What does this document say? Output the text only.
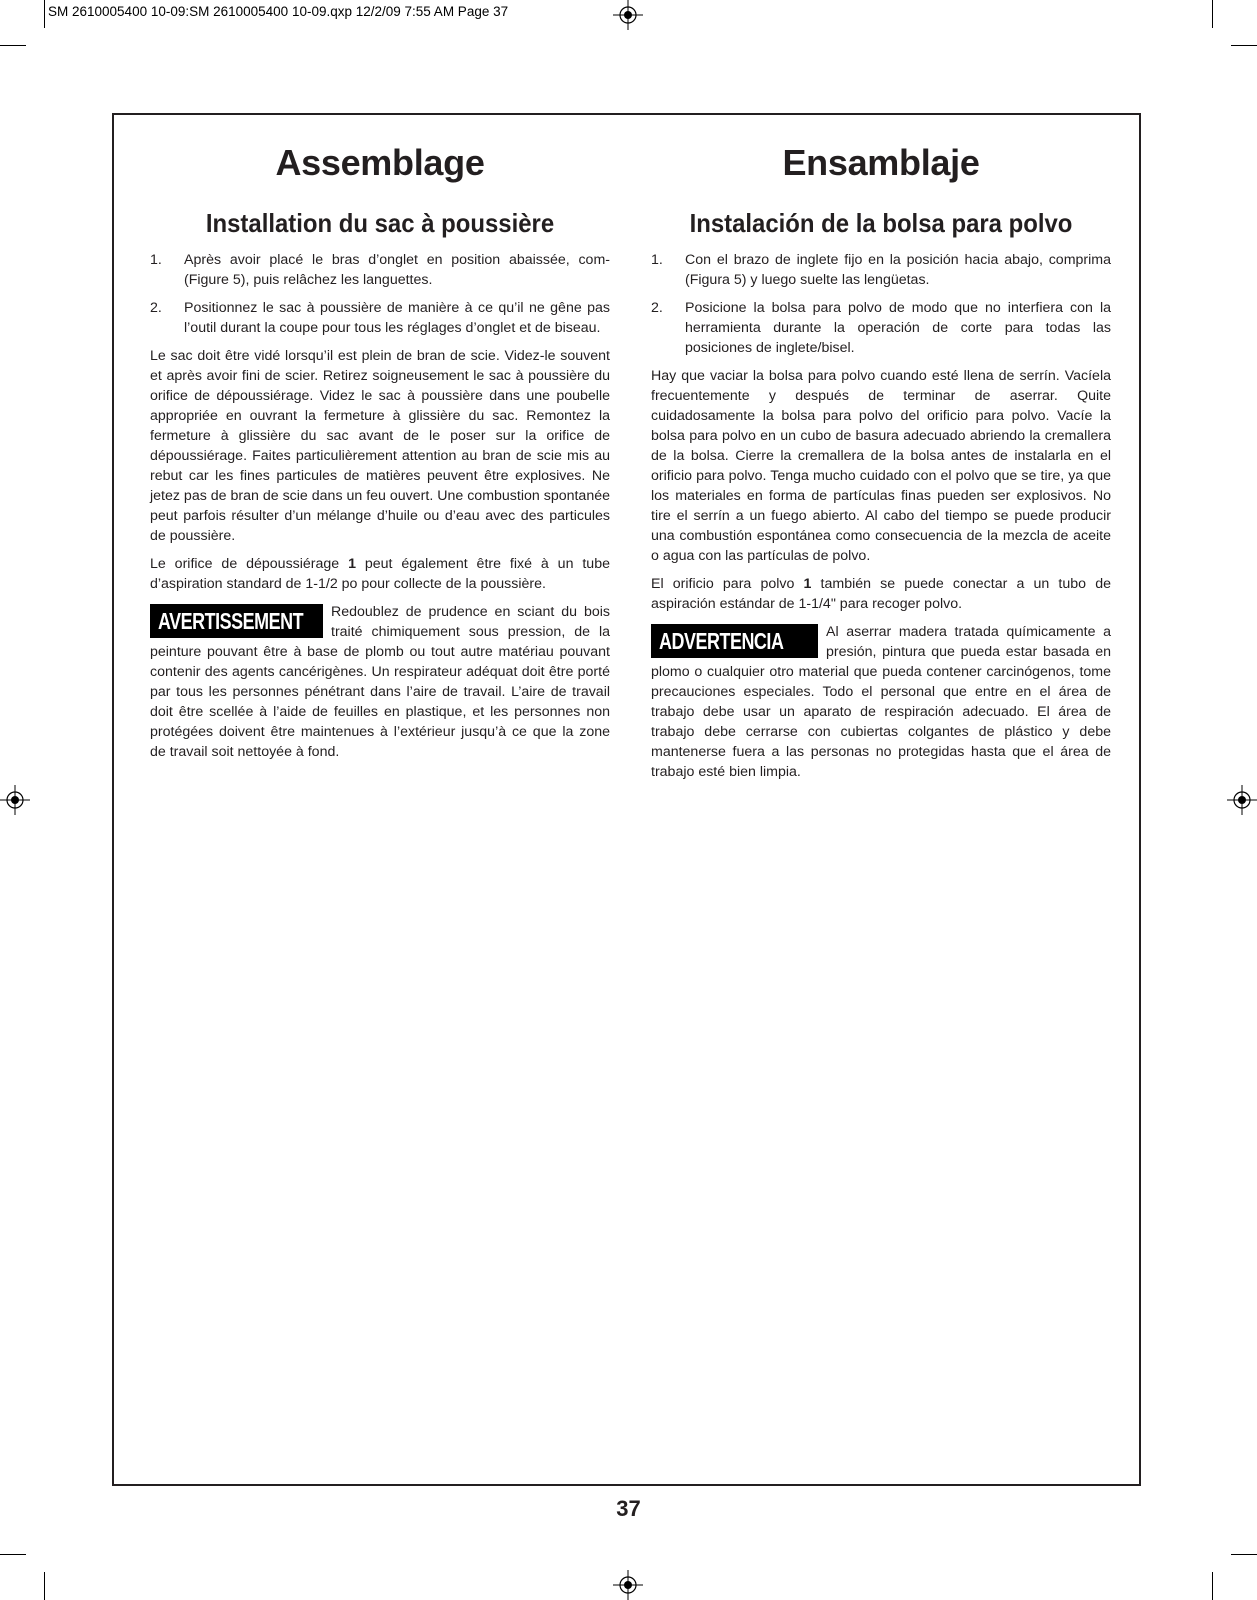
SM 2610005400 10-09:SM 2610005400 10-09.qxp 12/2/09 7:55 AM Page 37
Assemblage
Installation du sac à poussière
1. Après avoir placé le bras d’onglet en position abaissée, com-(Figure 5), puis relâchez les languettes.
2. Positionnez le sac à poussière de manière à ce qu’il ne gêne pas l’outil durant la coupe pour tous les réglages d’onglet et de biseau.

Le sac doit être vidé lorsqu’il est plein de bran de scie. Videz-le souvent et après avoir fini de scier. Retirez soigneusement le sac à poussière du orifice de dépoussiérage. Videz le sac à poussière dans une poubelle appropriée en ouvrant la fermeture à glissière du sac. Remontez la fermeture à glissière du sac avant de le poser sur la orifice de dépoussiérage. Faites particulièrement attention au bran de scie mis au rebut car les fines particules de matières peuvent être explosives. Ne jetez pas de bran de scie dans un feu ouvert. Une combustion spontanée peut parfois résulter d’un mélange d’huile ou d’eau avec des particules de poussière.

Le orifice de dépoussiérage 1 peut également être fixé à un tube d’aspiration standard de 1-1/2 po pour collecte de la poussière.

AVERTISSEMENT Redoublez de prudence en sciant du bois traité chimiquement sous pression, de la peinture pouvant être à base de plomb ou tout autre matériau pouvant contenir des agents cancérigènes. Un respirateur adéquat doit être porté par tous les personnes pénétrant dans l’aire de travail. L’aire de travail doit être scellée à l’aide de feuilles en plastique, et les personnes non protégées doivent être maintenues à l’extérieur jusqu’à ce que la zone de travail soit nettoyée à fond.
Ensamblaje
Instalación de la bolsa para polvo
1. Con el brazo de inglete fijo en la posición hacia abajo, comprima (Figura 5) y luego suelte las lengüetas.
2. Posicione la bolsa para polvo de modo que no interfiera con la herramienta durante la operación de corte para todas las posiciones de inglete/bisel.

Hay que vaciar la bolsa para polvo cuando esté llena de serrín. Vacíela frecuentemente y después de terminar de aserrar. Quite cuidadosamente la bolsa para polvo del orificio para polvo. Vacíe la bolsa para polvo en un cubo de basura adecuado abriendo la cremallera de la bolsa. Cierre la cremallera de la bolsa antes de instalarla en el orificio para polvo. Tenga mucho cuidado con el polvo que se tire, ya que los materiales en forma de partículas finas pueden ser explosivos. No tire el serrín a un fuego abierto. Al cabo del tiempo se puede producir una combustión espontánea como consecuencia de la mezcla de aceite o agua con las partículas de polvo.

El orificio para polvo 1 también se puede conectar a un tubo de aspiración estándar de 1-1/4" para recoger polvo.

ADVERTENCIA	Al aserrar madera tratada químicamente a presión, pintura que pueda estar basada en plomo o cualquier otro material que pueda contener carcinógenos, tome precauciones especiales. Todo el personal que entre en el área de trabajo debe usar un aparato de respiración adecuado. El área de trabajo debe cerrarse con cubiertas colgantes de plástico y debe mantenerse fuera a las personas no protegidas hasta que el área de trabajo esté bien limpia.
37
